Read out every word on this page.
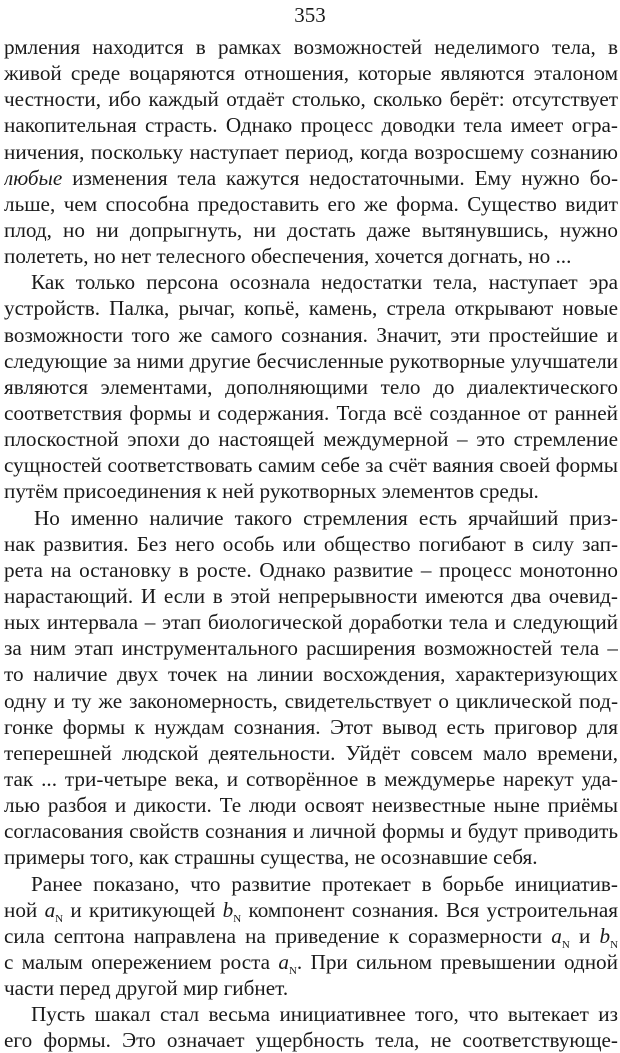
353

рмления находится в рамках возможностей неделимого тела, в
живой среде воцаряются отношения, которые являются эталоном
честности, ибо каждый отдаёт столько, сколько берёт: отсутствует
накопительная страсть. Однако процесс доводки тела имеет огра-
ничения, поскольку наступает период, когда возросшему сознанию
любые изменения тела кажутся недостаточными. Ему нужно бо-
льше, чем способна предоставить его же форма. Существо видит
плод, но ни допрыгнуть, ни достать даже вытянувшись, нужно
полететь, но нет телесного обеспечения, хочется догнать, но ...

Как только персона осознала недостатки тела, наступает эра
устройств. Палка, рычаг, копьё, камень, стрела открывают новые
возможности того же самого сознания. Значит, эти простейшие и
следующие за ними другие бесчисленные рукотворные улучшатели
являются элементами, дополняющими тело до диалектического
соответствия формы и содержания. Тогда всё созданное от ранней
плоскостной эпохи до настоящей междумерной – это стремление
сущностей соответствовать самим себе за счёт ваяния своей формы
путём присоединения к ней рукотворных элементов среды.

Но именно наличие такого стремления есть ярчайший приз-
нак развития. Без него особь или общество погибают в силу зап-
рета на остановку в росте. Однако развитие – процесс монотонно
нарастающий. И если в этой непрерывности имеются два очевид-
ных интервала – этап биологической доработки тела и следующий
за ним этап инструментального расширения возможностей тела –
то наличие двух точек на линии восхождения, характеризующих
одну и ту же закономерность, свидетельствует о циклической под-
гонке формы к нуждам сознания. Этот вывод есть приговор для
теперешней людской деятельности. Уйдёт совсем мало времени,
так ... три-четыре века, и сотворённое в междумерье нарекут уда-
лью разбоя и дикости. Те люди освоят неизвестные ныне приёмы
согласования свойств сознания и личной формы и будут приводить
примеры того, как страшны существа, не осознавшие себя.

Ранее показано, что развитие протекает в борьбе инициатив-
ной $a_N$ и критикующей $b_N$ компонент сознания. Вся устроительная
сила септона направлена на приведение к соразмерности $a_N$ и $b_N$
с малым опережением роста $a_N$. При сильном превышении одной
части перед другой мир гибнет.

Пусть шакал стал весьма инициативнее того, что вытекает из
его формы. Это означает ущербность тела, не соответствующе-
